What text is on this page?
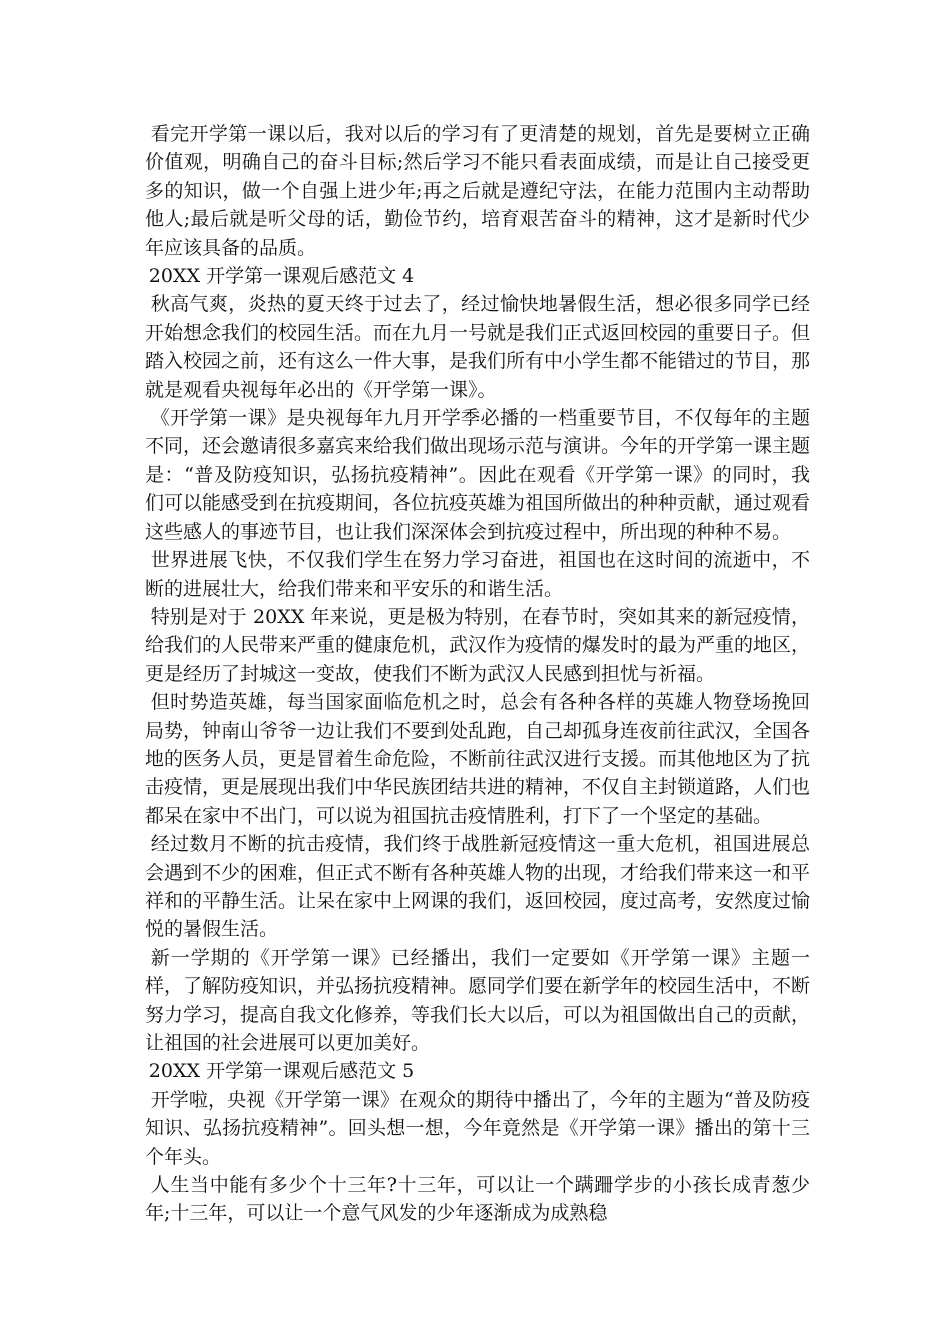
看完开学第一课以后，我对以后的学习有了更清楚的规划，首先是要树立正确价值观，明确自己的奋斗目标;然后学习不能只看表面成绩，而是让自己接受更多的知识，做一个自强上进少年;再之后就是遵纪守法，在能力范围内主动帮助他人;最后就是听父母的话，勤俭节约，培育艰苦奋斗的精神，这才是新时代少年应该具备的品质。

20XX 开学第一课观后感范文 4

秋高气爽，炎热的夏天终于过去了，经过愉快地暑假生活，想必很多同学已经开始想念我们的校园生活。而在九月一号就是我们正式返回校园的重要日子。但踏入校园之前，还有这么一件大事，是我们所有中小学生都不能错过的节目，那就是观看央视每年必出的《开学第一课》。

《开学第一课》是央视每年九月开学季必播的一档重要节目，不仅每年的主题不同，还会邀请很多嘉宾来给我们做出现场示范与演讲。今年的开学第一课主题是：“普及防疫知识，弘扬抗疫精神”。因此在观看《开学第一课》的同时，我们可以能感受到在抗疫期间，各位抗疫英雄为祖国所做出的种种贡献，通过观看这些感人的事迹节目，也让我们深深体会到抗疫过程中，所出现的种种不易。

世界进展飞快，不仅我们学生在努力学习奋进，祖国也在这时间的流逝中，不断的进展壮大，给我们带来和平安乐的和谐生活。

特别是对于 20XX 年来说，更是极为特别，在春节时，突如其来的新冠疫情，给我们的人民带来严重的健康危机，武汉作为疫情的爆发时的最为严重的地区，更是经历了封城这一变故，使我们不断为武汉人民感到担忧与祈福。

但时势造英雄，每当国家面临危机之时，总会有各种各样的英雄人物登场挽回局势，钟南山爷爷一边让我们不要到处乱跑，自己却孤身连夜前往武汉，全国各地的医务人员，更是冒着生命危险，不断前往武汉进行支援。而其他地区为了抗击疫情，更是展现出我们中华民族团结共进的精神，不仅自主封锁道路，人们也都呆在家中不出门，可以说为祖国抗击疫情胜利，打下了一个坚定的基础。

经过数月不断的抗击疫情，我们终于战胜新冠疫情这一重大危机，祖国进展总会遇到不少的困难，但正式不断有各种英雄人物的出现，才给我们带来这一和平祥和的平静生活。让呆在家中上网课的我们，返回校园，度过高考，安然度过愉悦的暑假生活。

新一学期的《开学第一课》已经播出，我们一定要如《开学第一课》主题一样，了解防疫知识，并弘扬抗疫精神。愿同学们要在新学年的校园生活中，不断努力学习，提高自我文化修养，等我们长大以后，可以为祖国做出自己的贡献，让祖国的社会进展可以更加美好。

20XX 开学第一课观后感范文 5

开学啦，央视《开学第一课》在观众的期待中播出了，今年的主题为“普及防疫知识、弘扬抗疫精神”。回头想一想，今年竟然是《开学第一课》播出的第十三个年头。

人生当中能有多少个十三年?十三年，可以让一个蹒跚学步的小孩长成青葱少年;十三年，可以让一个意气风发的少年逐渐成为成熟稳
